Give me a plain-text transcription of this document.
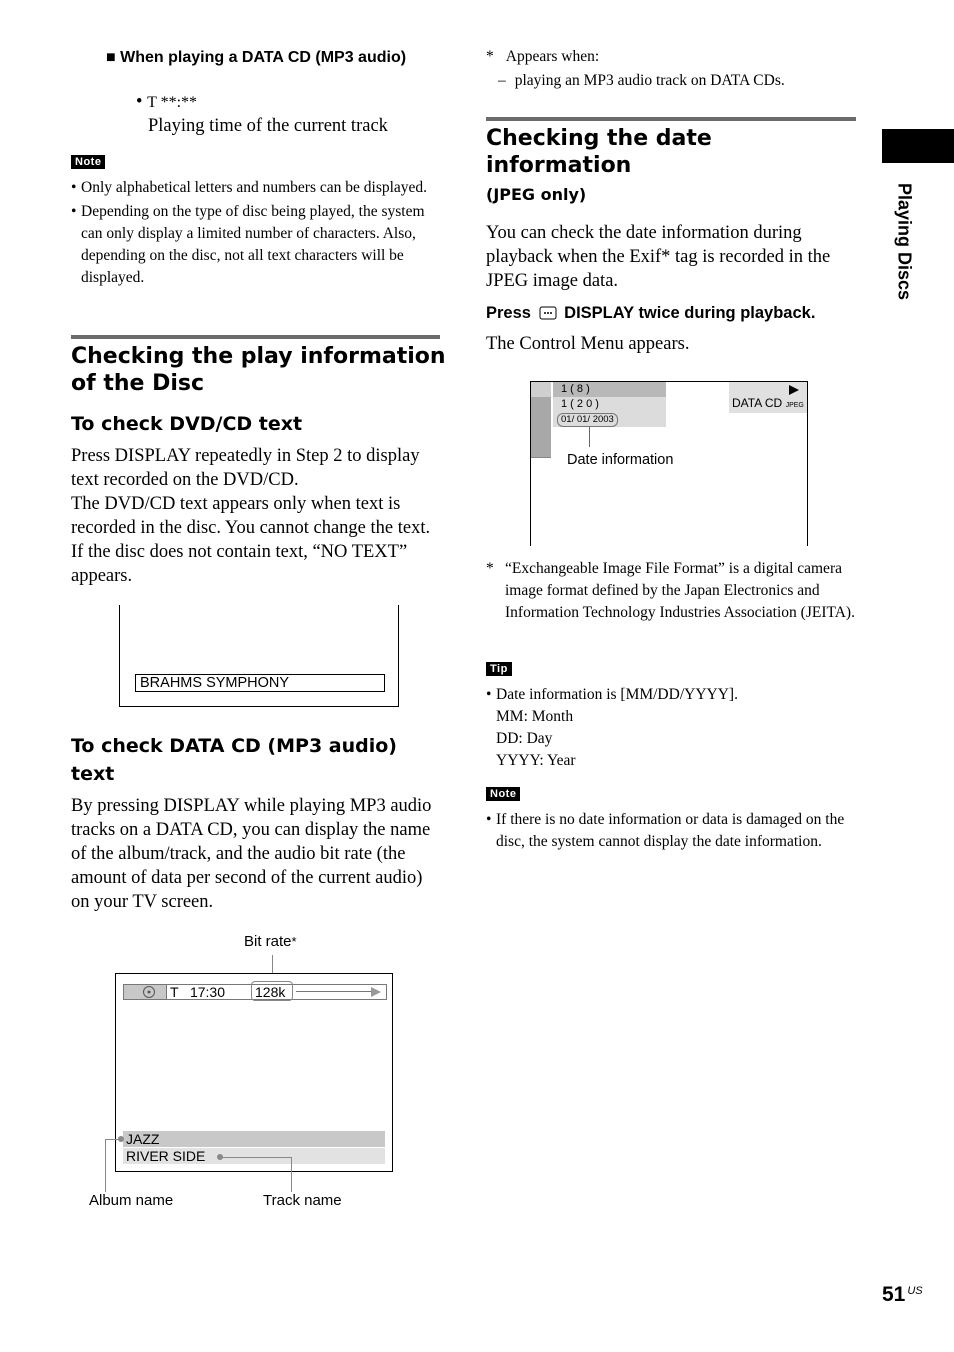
■ When playing a DATA CD (MP3 audio)
• T **:**
Playing time of the current track
Note
• Only alphabetical letters and numbers can be displayed.
• Depending on the type of disc being played, the system can only display a limited number of characters. Also, depending on the disc, not all text characters will be displayed.
Checking the play information of the Disc
To check DVD/CD text
Press DISPLAY repeatedly in Step 2 to display text recorded on the DVD/CD.
The DVD/CD text appears only when text is recorded in the disc. You cannot change the text. If the disc does not contain text, “NO TEXT” appears.
BRAHMS SYMPHONY
To check DATA CD (MP3 audio) text
By pressing DISPLAY while playing MP3 audio tracks on a DATA CD, you can display the name of the album/track, and the audio bit rate (the amount of data per second of the current audio) on your TV screen.
Bit rate*
T   17:30 128k
JAZZ
RIVER SIDE
Album name	Track name
* Appears when:
– playing an MP3 audio track on DATA CDs.
Checking the date information
(JPEG only)
You can check the date information during playback when the Exif* tag is recorded in the JPEG image data.
Press DISPLAY twice during playback.
The Control Menu appears.
1 ( 8 )
1 ( 2 0 )
01/ 01/ 2003
DATA CD JPEG
Date information
* “Exchangeable Image File Format” is a digital camera image format defined by the Japan Electronics and Information Technology Industries Association (JEITA).
Tip
• Date information is [MM/DD/YYYY].
MM: Month
DD: Day
YYYY: Year
Note
• If there is no date information or data is damaged on the disc, the system cannot display the date information.
Playing Discs
51 $^{US}$
